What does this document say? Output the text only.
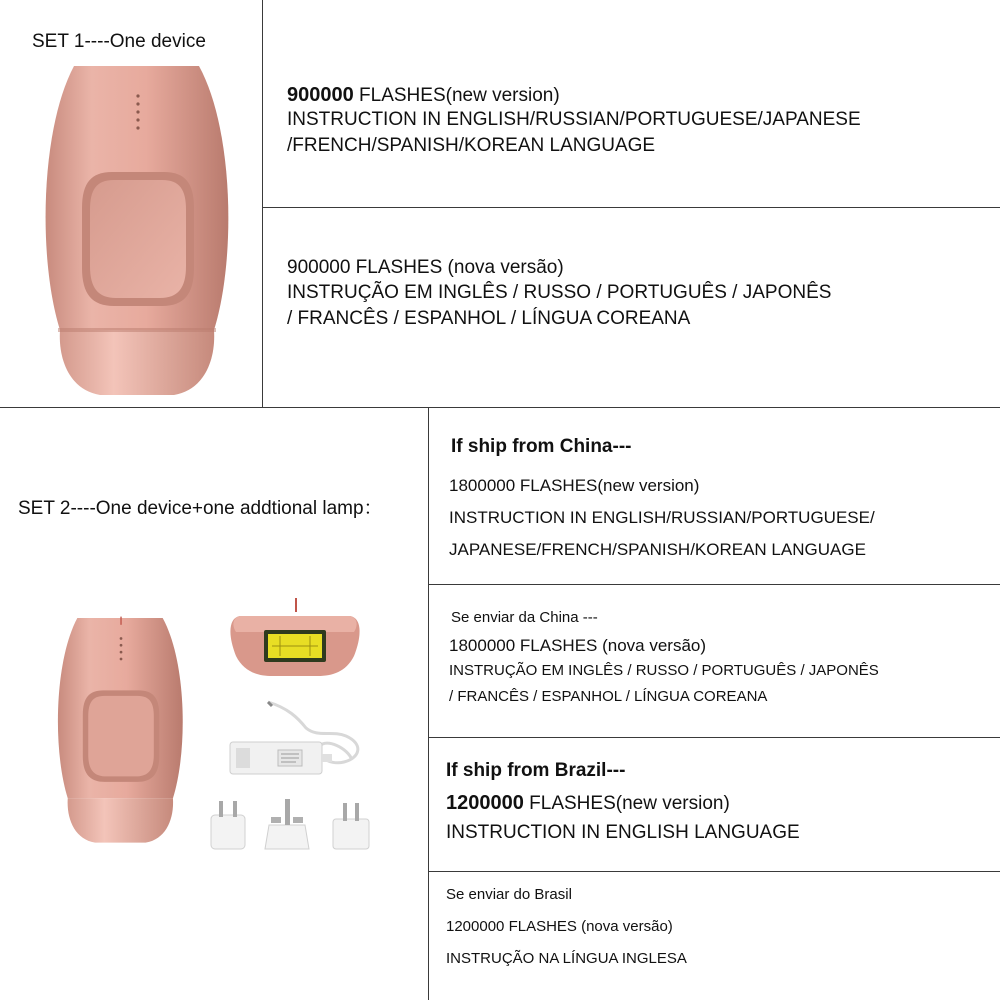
SET 1----One device
900000 FLASHES(new version)
INSTRUCTION IN ENGLISH/RUSSIAN/PORTUGUESE/JAPANESE
/FRENCH/SPANISH/KOREAN LANGUAGE
900000 FLASHES (nova versão)
INSTRUÇÃO EM INGLÊS / RUSSO / PORTUGUÊS / JAPONÊS
/ FRANCÊS / ESPANHOL / LÍNGUA COREANA
SET 2----One device+one addtional lamp：
If ship from China---
1800000 FLASHES(new version)
INSTRUCTION IN ENGLISH/RUSSIAN/PORTUGUESE/
JAPANESE/FRENCH/SPANISH/KOREAN LANGUAGE
Se enviar da China ---
1800000 FLASHES (nova versão)
INSTRUÇÃO EM INGLÊS / RUSSO / PORTUGUÊS / JAPONÊS
/ FRANCÊS / ESPANHOL / LÍNGUA COREANA
If ship from Brazil---
1200000 FLASHES(new version)
INSTRUCTION IN ENGLISH LANGUAGE
Se enviar do Brasil
1200000 FLASHES (nova versão)
INSTRUÇÃO NA LÍNGUA INGLESA
